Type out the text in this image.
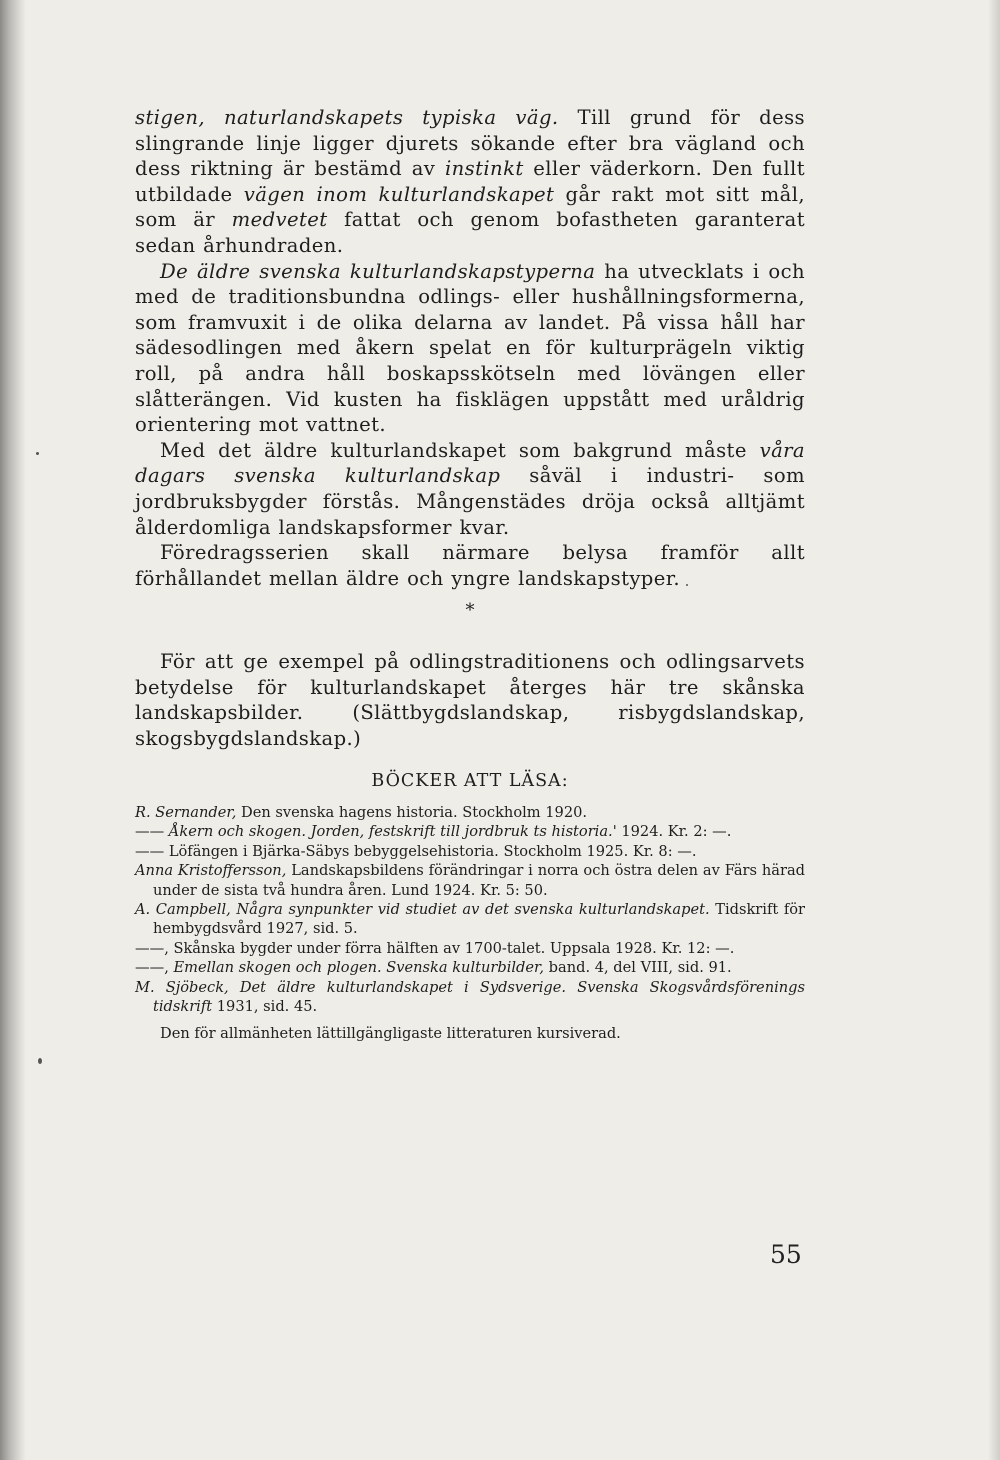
stigen, naturlandskapets typiska väg. Till grund för dess slingrande linje ligger djurets sökande efter bra vägland och dess riktning är bestämd av instinkt eller väderkorn. Den fullt utbildade vägen inom kulturlandskapet går rakt mot sitt mål, som är medvetet fattat och genom bofastheten garanterat sedan århundraden.

De äldre svenska kulturlandskapstyperna ha utvecklats i och med de traditionsbundna odlings- eller hushållningsformerna, som framvuxit i de olika delarna av landet. På vissa håll har sädesodlingen med åkern spelat en för kulturprägeln viktig roll, på andra håll boskapsskötseln med lövängen eller slåtterängen. Vid kusten ha fisklägen uppstått med uråldrig orientering mot vattnet.

Med det äldre kulturlandskapet som bakgrund måste våra dagars svenska kulturlandskap såväl i industri- som jordbruksbygder förstås. Mångenstädes dröja också alltjämt ålderdomliga landskapsformer kvar.

Föredragsserien skall närmare belysa framför allt förhållandet mellan äldre och yngre landskapstyper.

*

För att ge exempel på odlingstraditionens och odlingsarvets betydelse för kulturlandskapet återges här tre skånska landskapsbilder. (Slättbygdslandskap, risbygdslandskap, skogsbygdslandskap.)

BÖCKER ATT LÄSA:
R. Sernander, Den svenska hagens historia. Stockholm 1920.
—— Åkern och skogen. Jorden, festskrift till jordbruk ts historia.' 1924. Kr. 2: —.
—— Löfängen i Bjärka-Säbys bebyggelsehistoria. Stockholm 1925. Kr. 8: —.
Anna Kristoffersson, Landskapsbildens förändringar i norra och östra delen av Färs härad under de sista två hundra åren. Lund 1924. Kr. 5: 50.
A. Campbell, Några synpunkter vid studiet av det svenska kulturlandskapet. Tidskrift för hembygdsvård 1927, sid. 5.
——, Skånska bygder under förra hälften av 1700-talet. Uppsala 1928. Kr. 12: —.
——, Emellan skogen och plogen. Svenska kulturbilder, band. 4, del VIII, sid. 91.
M. Sjöbeck, Det äldre kulturlandskapet i Sydsverige. Svenska Skogsvårdsförenings tidskrift 1931, sid. 45.
Den för allmänheten lättillgängligaste litteraturen kursiverad.
55
